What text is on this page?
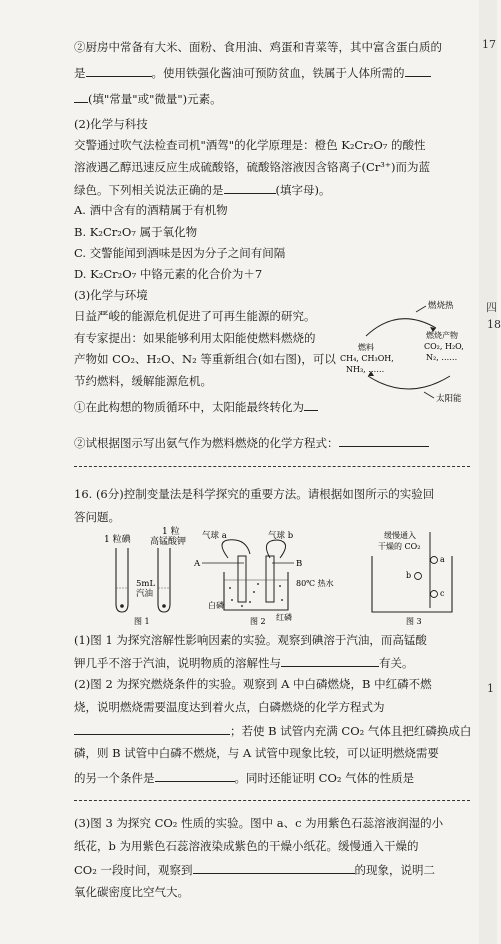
17
四
18
1
②厨房中常备有大米、面粉、食用油、鸡蛋和青菜等，其中富含蛋白质的
是	。使用铁强化酱油可预防贫血，铁属于人体所需的
(填"常量"或"微量")元素。
(2)化学与科技
交警通过吹气法检查司机"酒驾"的化学原理是：橙色 K₂Cr₂O₇ 的酸性
溶液遇乙醇迅速反应生成硫酸铬，硫酸铬溶液因含铬离子(Cr³⁺)而为蓝
绿色。下列相关说法正确的是	(填字母)。
A. 酒中含有的酒精属于有机物
B. K₂Cr₂O₇ 属于氧化物
C. 交警能闻到酒味是因为分子之间有间隔
D. K₂Cr₂O₇ 中铬元素的化合价为＋7
(3)化学与环境
日益严峻的能源危机促进了可再生能源的研究。
有专家提出：如果能够利用太阳能使燃料燃烧的
产物如 CO₂、H₂O、N₂ 等重新组合(如右图)，可以
节约燃料，缓解能源危机。
①在此构想的物质循环中，太阳能最终转化为
②试根据图示写出氨气作为燃料燃烧的化学方程式：
燃烧热
燃料
CH₄, CH₃OH,
NH₃, ……
燃烧产物
CO₂, H₂O,
N₂, ……
太阳能
16. (6分)控制变量法是科学探究的重要方法。请根据如图所示的实验回
答问题。
1 粒碘
1 粒
高锰酸钾
5mL
汽油
图 1
气球 a	气球 b
A	B
80℃ 热水
白磷
红磷
图 2
缓慢通入
干燥的 CO₂
a
b
c
图 3
(1)图 1 为探究溶解性影响因素的实验。观察到碘溶于汽油，而高锰酸
钾几乎不溶于汽油，说明物质的溶解性与	有关。
(2)图 2 为探究燃烧条件的实验。观察到 A 中白磷燃烧，B 中红磷不燃
烧，说明燃烧需要温度达到着火点，白磷燃烧的化学方程式为
；若使 B 试管内充满 CO₂ 气体且把红磷换成白
磷，则 B 试管中白磷不燃烧，与 A 试管中现象比较，可以证明燃烧需要
的另一个条件是	。同时还能证明 CO₂ 气体的性质是
(3)图 3 为探究 CO₂ 性质的实验。图中 a、c 为用紫色石蕊溶液润湿的小
纸花，b 为用紫色石蕊溶液染成紫色的干燥小纸花。缓慢通入干燥的
CO₂ 一段时间，观察到	的现象，说明二
氧化碳密度比空气大。
